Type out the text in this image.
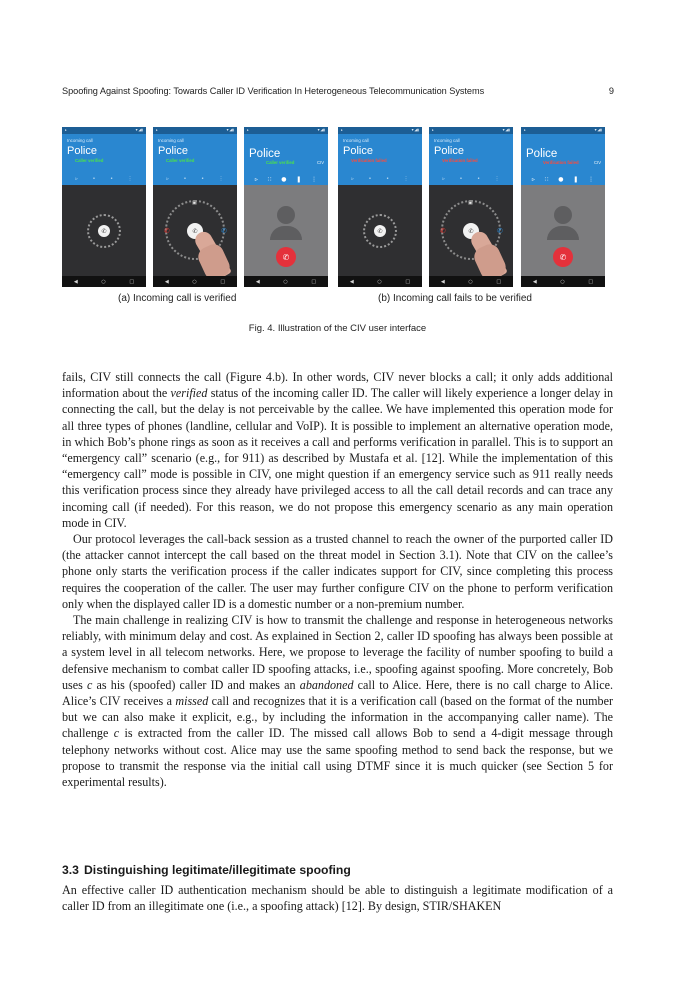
Spoofing Against Spoofing: Towards Caller ID Verification In Heterogeneous Telecommunication Systems	9
▸	▼◢▮
Incoming call
Police
Caller verified
▹	•	•	⋮
✆
◀	○	□
▸	▼◢▮
Incoming call
Police
Caller verified
▹	•	•	⋮
▣
✆	✆
✆
◀	○	□
▸	▼◢▮
Police
Caller verified	CIV
▹ ∷ ● ❚ ⋮
✆
◀	○	□
▸	▼◢▮
Incoming call
Police
Verification failed
▹	•	•	⋮
✆
◀	○	□
▸	▼◢▮
Incoming call
Police
Verification failed
▹	•	•	⋮
▣
✆	✆
✆
◀	○	□
▸	▼◢▮
Police
Verification failed	CIV
▹ ∷ ● ❚ ⋮
✆
◀	○	□
(a) Incoming call is verified	(b) Incoming call fails to be verified
Fig. 4. Illustration of the CIV user interface

fails, CIV still connects the call (Figure 4.b). In other words, CIV never blocks a call; it only adds additional information about the verified status of the incoming caller ID. The caller will likely experience a longer delay in connecting the call, but the delay is not perceivable by the callee. We have implemented this operation mode for all three types of phones (landline, cellular and VoIP). It is possible to implement an alternative operation mode, in which Bob’s phone rings as soon as it receives a call and performs verification in parallel. This is to support an “emergency call” scenario (e.g., for 911) as described by Mustafa et al. [12]. While the implementation of this “emergency call” mode is possible in CIV, one might question if an emergency service such as 911 really needs this verification process since they already have privileged access to all the call detail records and can trace any incoming call (if needed). For this reason, we do not propose this emergency scenario as any main operation mode in CIV.

Our protocol leverages the call-back session as a trusted channel to reach the owner of the purported caller ID (the attacker cannot intercept the call based on the threat model in Section 3.1). Note that CIV on the callee’s phone only starts the verification process if the caller indicates support for CIV, since completing this process requires the cooperation of the caller. The user may further configure CIV on the phone to perform verification only when the displayed caller ID is a domestic number or a non-premium number.

The main challenge in realizing CIV is how to transmit the challenge and response in heterogeneous networks reliably, with minimum delay and cost. As explained in Section 2, caller ID spoofing has always been possible at a system level in all telecom networks. Here, we propose to leverage the facility of number spoofing to build a defensive mechanism to combat caller ID spoofing attacks, i.e., spoofing against spoofing. More concretely, Bob uses c as his (spoofed) caller ID and makes an abandoned call to Alice. Here, there is no call charge to Alice. Alice’s CIV receives a missed call and recognizes that it is a verification call (based on the format of the number but we can also make it explicit, e.g., by including the information in the accompanying caller name). The challenge c is extracted from the caller ID. The missed call allows Bob to send a 4-digit message through telephony networks without cost. Alice may use the same spoofing method to send back the response, but we propose to transmit the response via the initial call using DTMF since it is much quicker (see Section 5 for experimental results).

3.3 Distinguishing legitimate/illegitimate spoofing

An effective caller ID authentication mechanism should be able to distinguish a legitimate modification of a caller ID from an illegitimate one (i.e., a spoofing attack) [12]. By design, STIR/SHAKEN
